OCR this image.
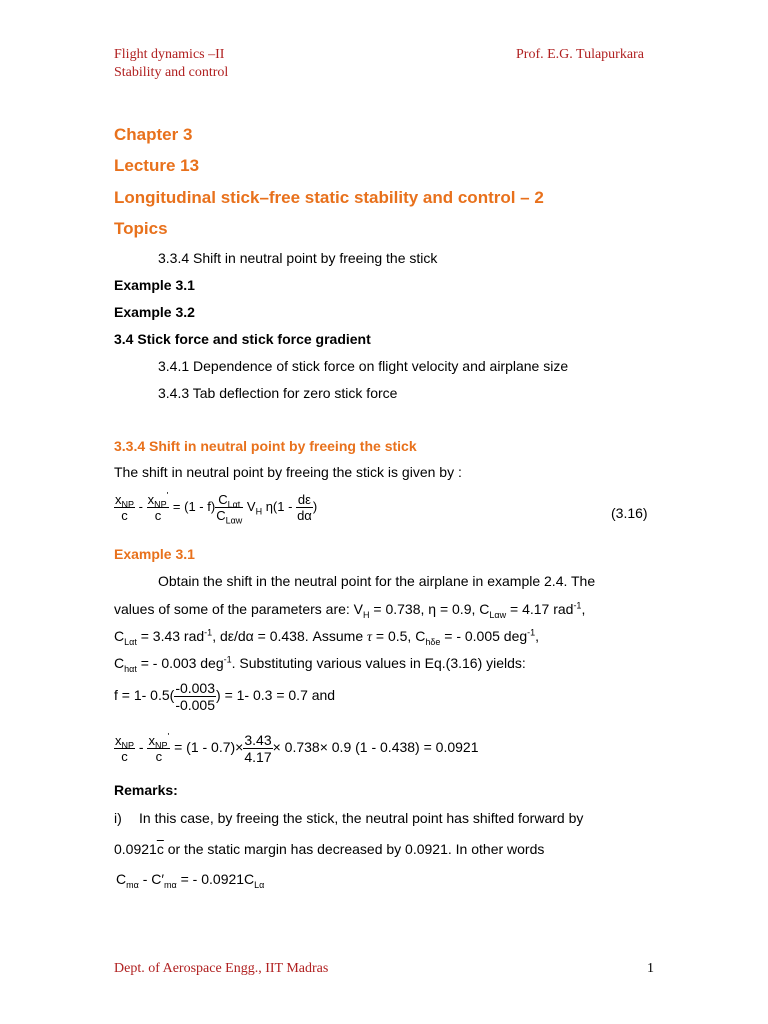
Flight dynamics –II
Stability and control
Prof. E.G. Tulapurkara
Chapter 3
Lecture 13
Longitudinal stick–free static stability and control – 2
Topics
3.3.4 Shift in neutral point by freeing the stick
Example 3.1
Example 3.2
3.4 Stick force and stick force gradient
3.4.1 Dependence of stick force on flight velocity and airplane size
3.4.3 Tab deflection for zero stick force
3.3.4 Shift in neutral point by freeing the stick
The shift in neutral point by freeing the stick is given by :
$\frac{x_{NP}}{c} - \frac{x_{NP}'}{c} = (1 - f) \frac{C_{L\alpha t}}{C_{L\alpha w}} V_H$ $\eta(1 - \frac{d\varepsilon}{d\alpha}$ )	(3.16)
Example 3.1
Obtain the shift in the neutral point for the airplane in example 2.4. The
values of some of the parameters are: $V_H = 0.738$, η = 0.9, $C_{L\alpha w} = 4.17$ rad$^{-1}$,
$C_{L\alpha t} = 3.43$ rad$^{-1}$, dε/dα = 0.438. Assume τ = 0.5, $C_{h\delta e}$ = - 0.005 deg$^{-1}$,
$C_{h\alpha t}$ = - 0.003 deg$^{-1}$. Substituting various values in Eq.(3.16) yields:
f = 1- $0.5( \frac{-0.003}{-0.005}$ ) = 1- 0.3 = 0.7 and
$\frac{x_{NP}}{c} - \frac{x_{NP}'}{c} = (1 - 0.7)\times \frac{3.43}{4.17} \times 0.738\times 0.9$ (1 - 0.438) = 0.0921
Remarks:
i) In this case, by freeing the stick, the neutral point has shifted forward by
$0.0921\overline{c}$ or the static margin has decreased by 0.0921. In other words
$C_{m\alpha} - C'_{m\alpha}$ = - $0.0921C_{L\alpha}$
Dept. of Aerospace Engg., IIT Madras	1
